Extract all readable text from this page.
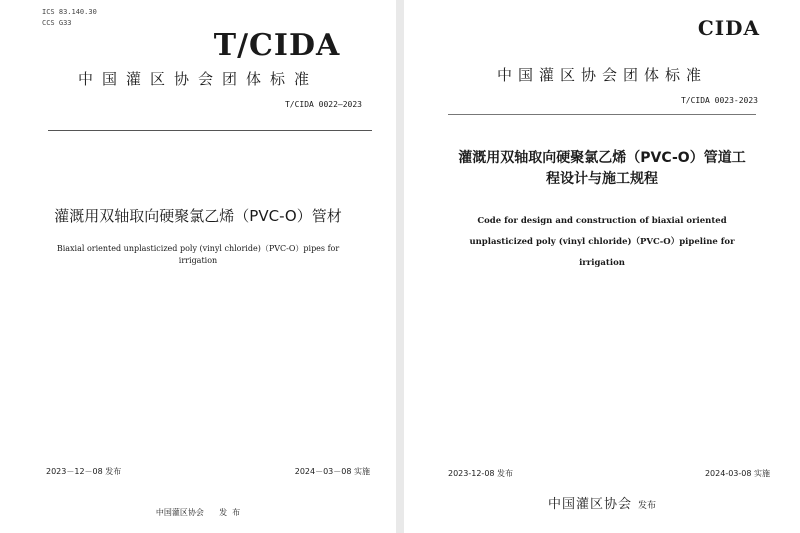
ICS 83.140.30
CCS G33
T/CIDA
中国灌区协会团体标准
T/CIDA 0022—2023
灌溉用双轴取向硬聚氯乙烯（PVC-O）管材
Biaxial oriented unplasticized poly (vinyl chloride)（PVC-O）pipes for
irrigation
2023－12－08 发布	2024－03－08 实施
中国灌区协会      发  布
CIDA
中国灌区协会团体标准
T/CIDA 0023-2023
灌溉用双轴取向硬聚氯乙烯（PVC-O）管道工
程设计与施工规程
Code for design and construction of biaxial oriented
unplasticized poly (vinyl chloride)（PVC-O）pipeline for
irrigation
2023-12-08 发布	2024-03-08 实施
中国灌区协会 发布
